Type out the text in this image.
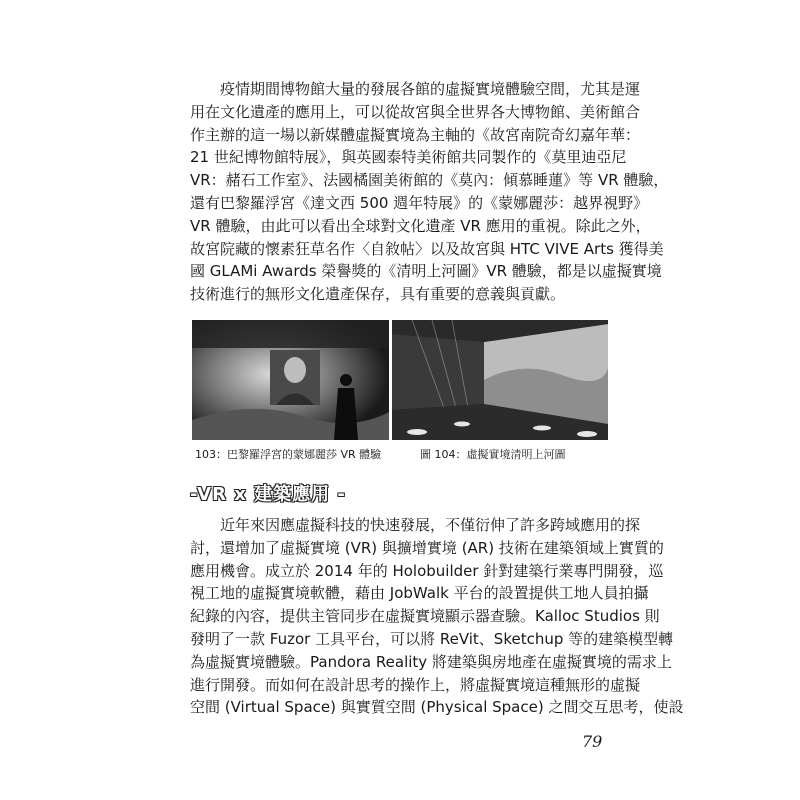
　　疫情期間博物館大量的發展各館的虛擬實境體驗空間，尤其是運
用在文化遺產的應用上，可以從故宮與全世界各大博物館、美術館合
作主辦的這一場以新媒體虛擬實境為主軸的《故宮南院奇幻嘉年華：
21 世紀博物館特展》，與英國泰特美術館共同製作的《莫里迪亞尼
VR：赭石工作室》、法國橘園美術館的《莫內：傾慕睡蓮》等 VR 體驗，
還有巴黎羅浮宮《達文西 500 週年特展》的《蒙娜麗莎：越界視野》
VR 體驗，由此可以看出全球對文化遺產 VR 應用的重視。除此之外，
故宮院藏的懷素狂草名作〈自敘帖〉以及故宮與 HTC VIVE Arts 獲得美
國 GLAMi Awards 榮譽獎的《清明上河圖》VR 體驗，都是以虛擬實境
技術進行的無形文化遺產保存，具有重要的意義與貢獻。
103：巴黎羅浮宮的蒙娜麗莎 VR 體驗	圖 104：虛擬實境清明上河圖
-VR x 建築應用 -
　　近年來因應虛擬科技的快速發展，不僅衍伸了許多跨域應用的探
討，還增加了虛擬實境 (VR) 與擴增實境 (AR) 技術在建築領域上實質的
應用機會。成立於 2014 年的 Holobuilder 針對建築行業專門開發，巡
視工地的虛擬實境軟體，藉由 JobWalk 平台的設置提供工地人員拍攝
紀錄的內容，提供主管同步在虛擬實境顯示器查驗。Kalloc Studios 則
發明了一款 Fuzor 工具平台，可以將 ReVit、Sketchup 等的建築模型轉
為虛擬實境體驗。Pandora Reality 將建築與房地產在虛擬實境的需求上
進行開發。而如何在設計思考的操作上，將虛擬實境這種無形的虛擬
空間 (Virtual Space) 與實質空間 (Physical Space) 之間交互思考，使設
79
